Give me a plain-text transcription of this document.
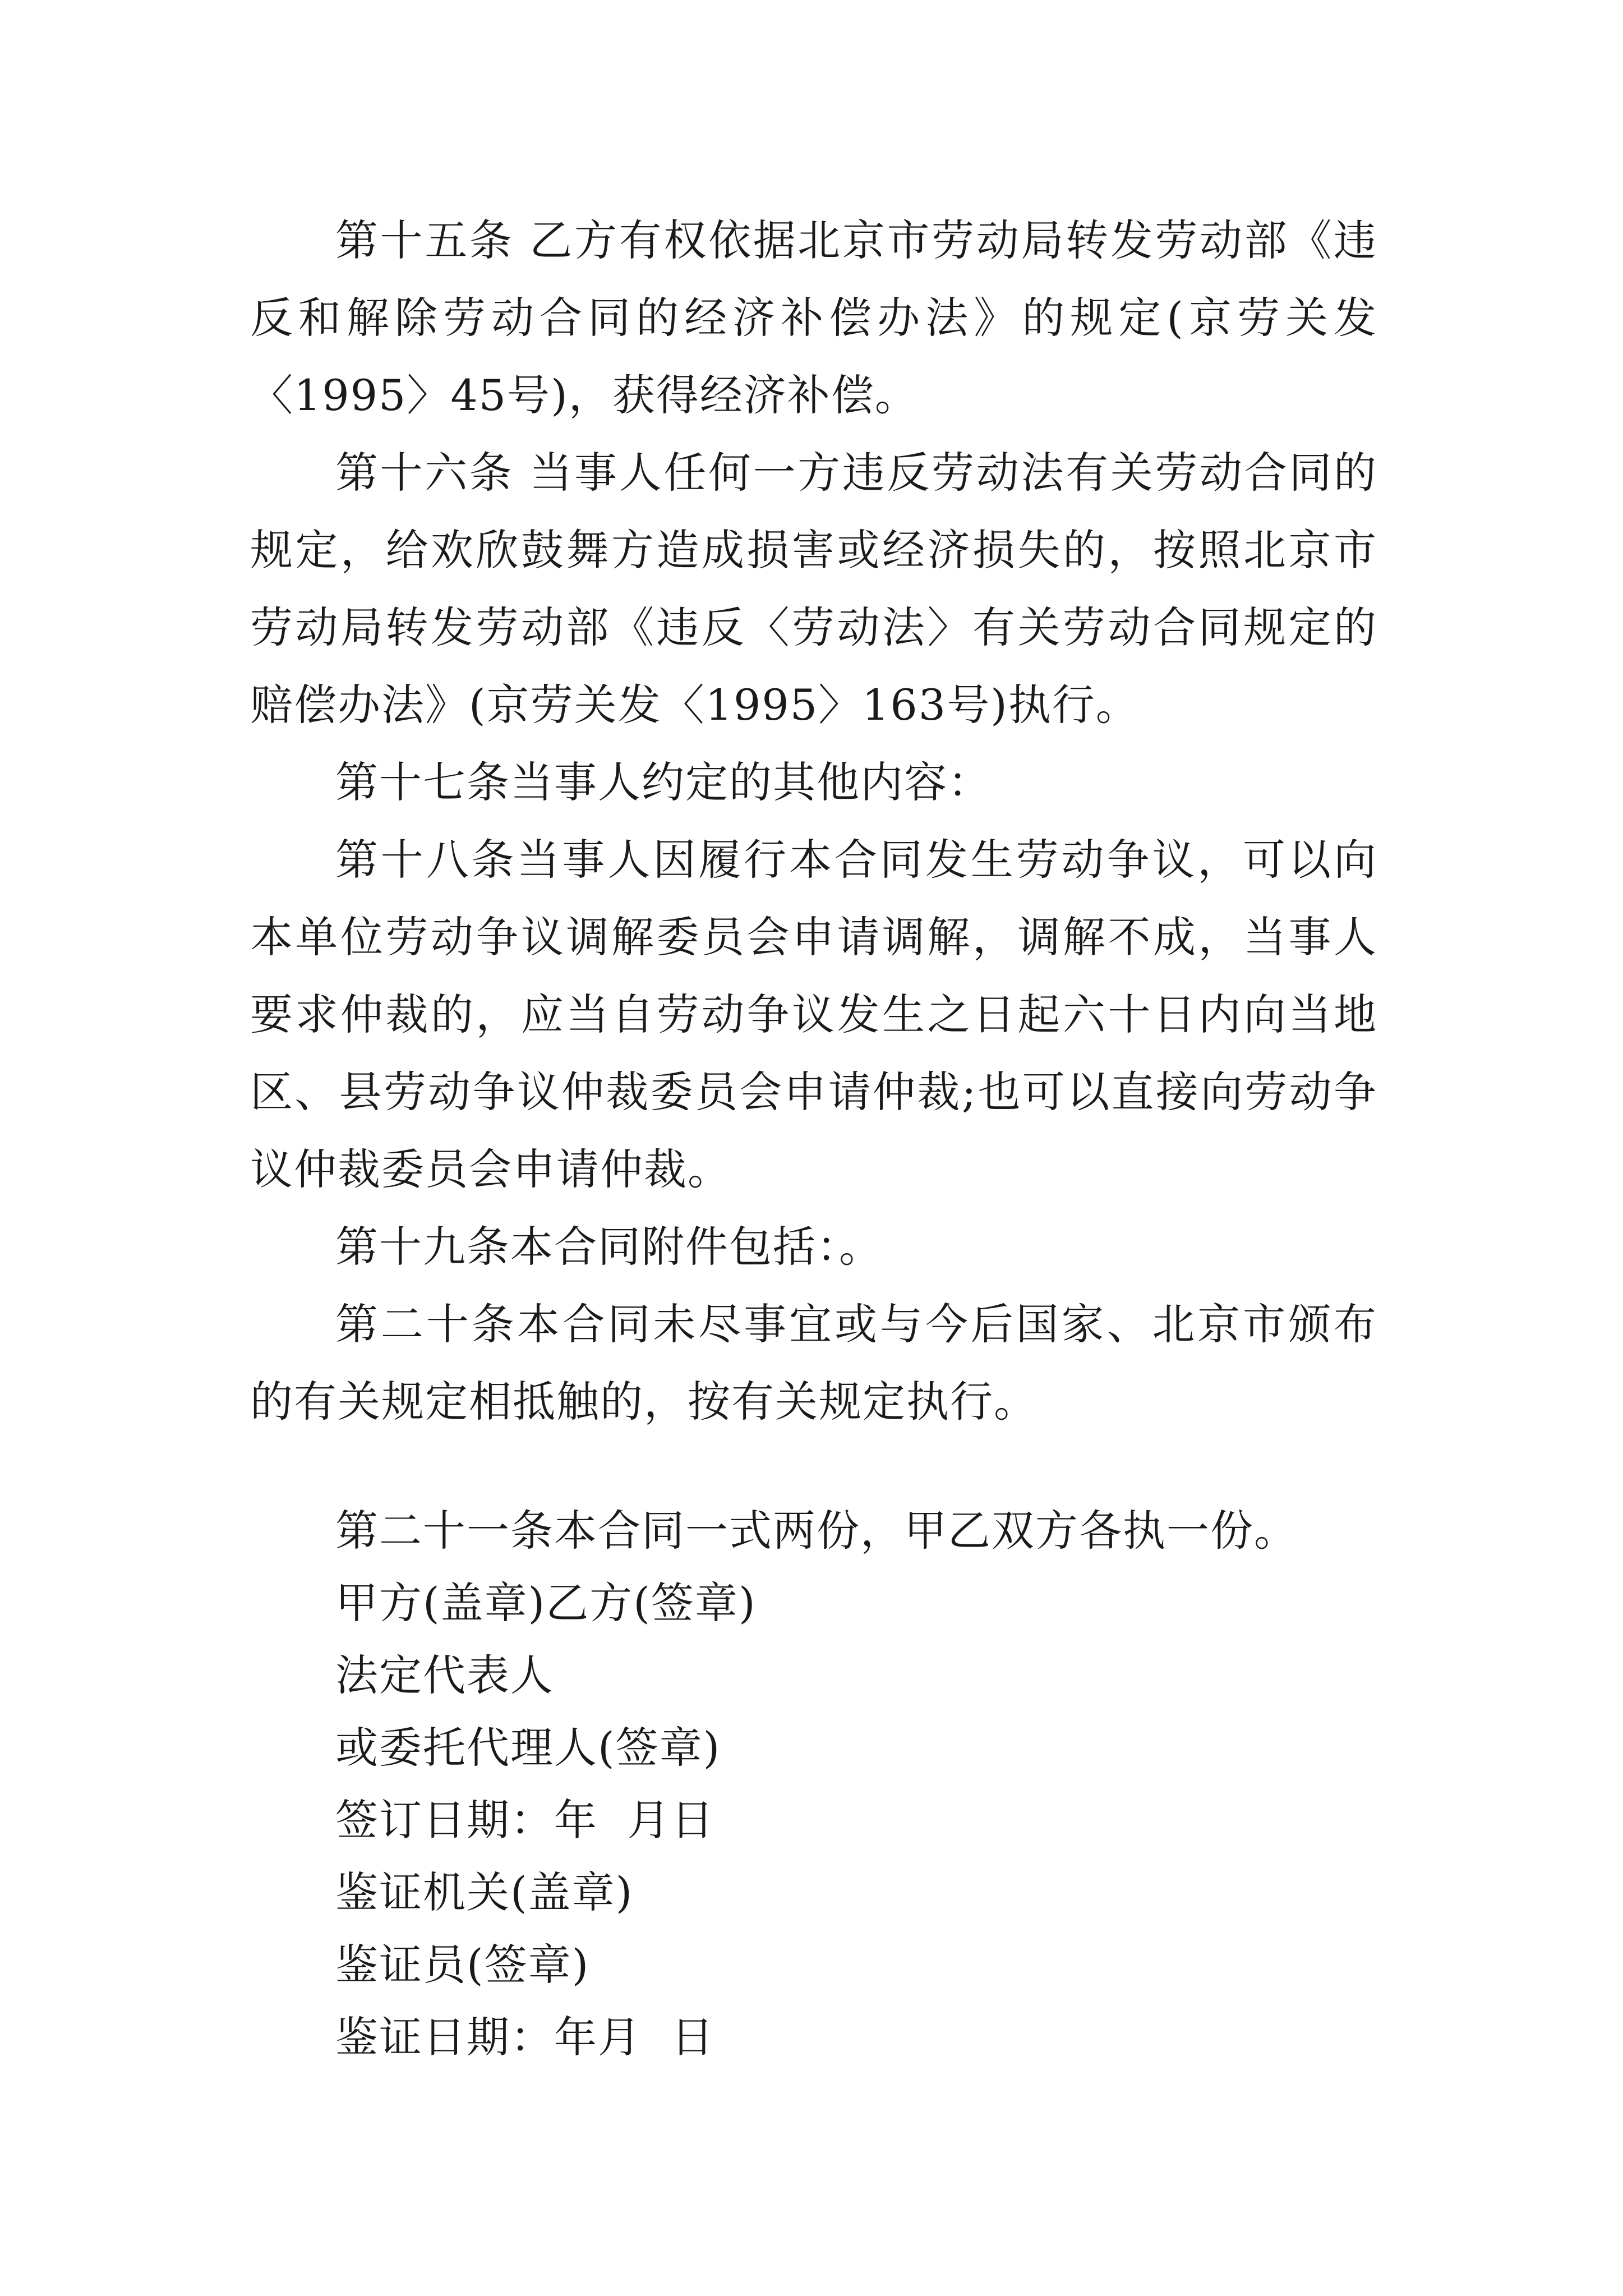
第十五条 乙方有权依据北京市劳动局转发劳动部《违反和解除劳动合同的经济补偿办法》的规定(京劳关发〈1995〉45号)，获得经济补偿。

第十六条 当事人任何一方违反劳动法有关劳动合同的规定，给欢欣鼓舞方造成损害或经济损失的，按照北京市劳动局转发劳动部《违反〈劳动法〉有关劳动合同规定的赔偿办法》(京劳关发〈1995〉163号)执行。

第十七条当事人约定的其他内容：

第十八条当事人因履行本合同发生劳动争议，可以向本单位劳动争议调解委员会申请调解，调解不成，当事人要求仲裁的，应当自劳动争议发生之日起六十日内向当地区、县劳动争议仲裁委员会申请仲裁;也可以直接向劳动争议仲裁委员会申请仲裁。

第十九条本合同附件包括：。

第二十条本合同未尽事宜或与今后国家、北京市颁布的有关规定相抵触的，按有关规定执行。

第二十一条本合同一式两份，甲乙双方各执一份。

甲方(盖章)乙方(签章)

法定代表人

或委托代理人(签章)

签订日期：年  月日

鉴证机关(盖章)

鉴证员(签章)

鉴证日期：年月  日
